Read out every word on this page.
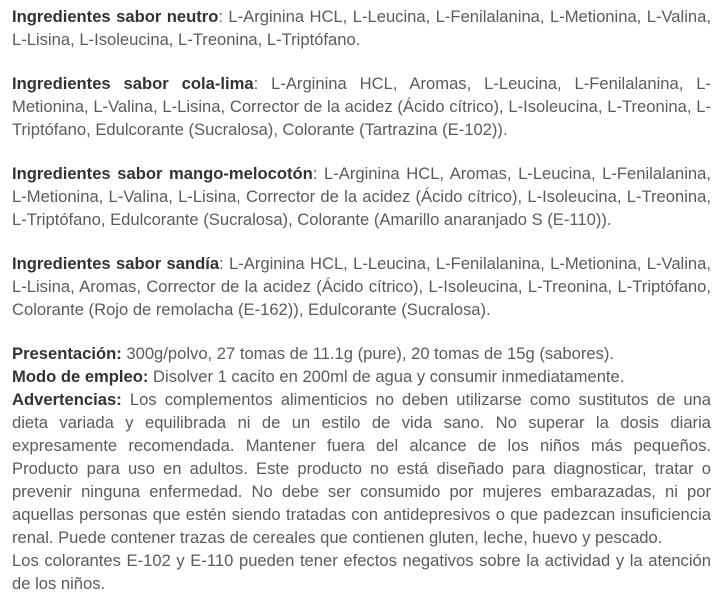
Ingredientes sabor neutro: L-Arginina HCL, L-Leucina, L-Fenilalanina, L-Metionina, L-Valina, L-Lisina, L-Isoleucina, L-Treonina, L-Triptófano.

Ingredientes sabor cola-lima: L-Arginina HCL, Aromas, L-Leucina, L-Fenilalanina, L-Metionina, L-Valina, L-Lisina, Corrector de la acidez (Ácido cítrico), L-Isoleucina, L-Treonina, L-Triptófano, Edulcorante (Sucralosa), Colorante (Tartrazina (E-102)).

Ingredientes sabor mango-melocotón: L-Arginina HCL, Aromas, L-Leucina, L-Fenilalanina, L-Metionina, L-Valina, L-Lisina, Corrector de la acidez (Ácido cítrico), L-Isoleucina, L-Treonina, L-Triptófano, Edulcorante (Sucralosa), Colorante (Amarillo anaranjado S (E-110)).

Ingredientes sabor sandía: L-Arginina HCL, L-Leucina, L-Fenilalanina, L-Metionina, L-Valina, L-Lisina, Aromas, Corrector de la acidez (Ácido cítrico), L-Isoleucina, L-Treonina, L-Triptófano, Colorante (Rojo de remolacha (E-162)), Edulcorante (Sucralosa).

Presentación: 300g/polvo, 27 tomas de 11.1g (pure), 20 tomas de 15g (sabores).

Modo de empleo: Disolver 1 cacito en 200ml de agua y consumir inmediatamente.

Advertencias: Los complementos alimenticios no deben utilizarse como sustitutos de una dieta variada y equilibrada ni de un estilo de vida sano. No superar la dosis diaria expresamente recomendada. Mantener fuera del alcance de los niños más pequeños. Producto para uso en adultos. Este producto no está diseñado para diagnosticar, tratar o prevenir ninguna enfermedad. No debe ser consumido por mujeres embarazadas, ni por aquellas personas que estén siendo tratadas con antidepresivos o que padezcan insuficiencia renal. Puede contener trazas de cereales que contienen gluten, leche, huevo y pescado.

Los colorantes E-102 y E-110 pueden tener efectos negativos sobre la actividad y la atención de los niños.
